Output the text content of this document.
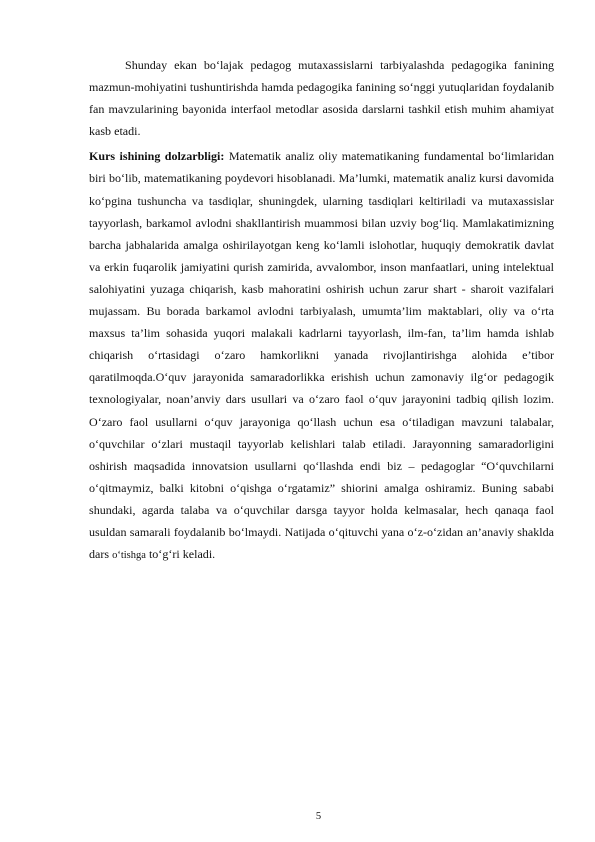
Shunday ekan bo‘lajak pedagog mutaxassislarni tarbiyalashda pedagogika fanining mazmun-mohiyatini tushuntirishda hamda pedagogika fanining so‘nggi yutuqlaridan foydalanib fan mavzularining bayonida interfaol metodlar asosida darslarni tashkil etish muhim ahamiyat kasb etadi.

Kurs ishining dolzarbligi: Matematik analiz oliy matematikaning fundamental bo‘limlaridan biri bo‘lib, matematikaning poydevori hisoblanadi. Ma’lumki, matematik analiz kursi davomida ko‘pgina tushuncha va tasdiqlar, shuningdek, ularning tasdiqlari keltiriladi va mutaxassislar tayyorlash, barkamol avlodni shakllantirish muammosi bilan uzviy bog‘liq. Mamlakatimizning barcha jabhalarida amalga oshirilayotgan keng ko‘lamli islohotlar, huquqiy demokratik davlat va erkin fuqarolik jamiyatini qurish zamirida, avvalombor, inson manfaatlari, uning intelektual salohiyatini yuzaga chiqarish, kasb mahoratini oshirish uchun zarur shart - sharoit vazifalari mujassam. Bu borada barkamol avlodni tarbiyalash, umumta’lim maktablari, oliy va o‘rta maxsus ta’lim sohasida yuqori malakali kadrlarni tayyorlash, ilm-fan, ta’lim hamda ishlab chiqarish o‘rtasidagi o‘zaro hamkorlikni yanada rivojlantirishga alohida e’tibor qaratilmoqda.O‘quv jarayonida samaradorlikka erishish uchun zamonaviy ilg‘or pedagogik texnologiyalar, noan’anviy dars usullari va o‘zaro faol o‘quv jarayonini tadbiq qilish lozim. O‘zaro faol usullarni o‘quv jarayoniga qo‘llash uchun esa o‘tiladigan mavzuni talabalar, o‘quvchilar o‘zlari mustaqil tayyorlab kelishlari talab etiladi. Jarayonning samaradorligini oshirish maqsadida innovatsion usullarni qo‘llashda endi biz – pedagoglar “O‘quvchilarni o‘qitmaymiz, balki kitobni o‘qishga o‘rgatamiz” shiorini amalga oshiramiz. Buning sababi shundaki, agarda talaba va o‘quvchilar darsga tayyor holda kelmasalar, hech qanaqa faol usuldan samarali foydalanib bo‘lmaydi. Natijada o‘qituvchi yana o‘z-o‘zidan an’anaviy shaklda dars o‘tishga to‘g‘ri keladi.

5
